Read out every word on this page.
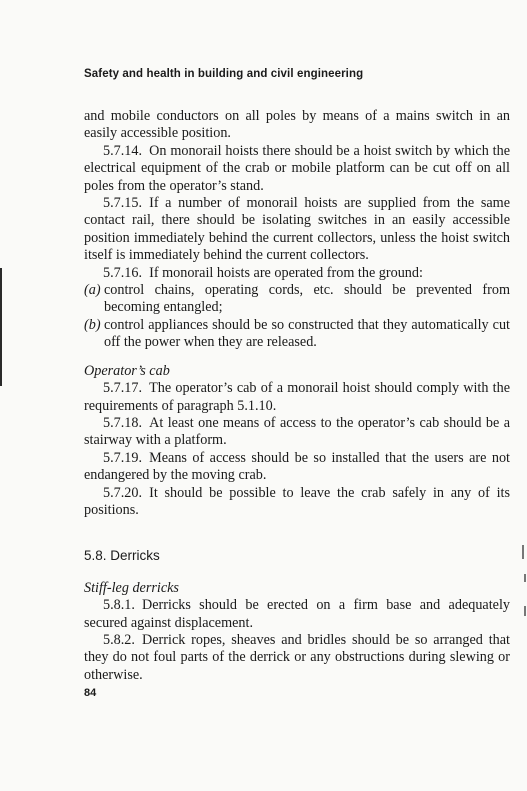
Safety and health in building and civil engineering

and mobile conductors on all poles by means of a mains switch in an easily accessible position.

5.7.14. On monorail hoists there should be a hoist switch by which the electrical equipment of the crab or mobile platform can be cut off on all poles from the operator’s stand.

5.7.15. If a number of monorail hoists are supplied from the same contact rail, there should be isolating switches in an easily accessible position immediately behind the current collectors, unless the hoist switch itself is immediately behind the current collectors.

5.7.16. If monorail hoists are operated from the ground:

(a) control chains, operating cords, etc. should be prevented from becoming entangled;

(b) control appliances should be so constructed that they automatically cut off the power when they are released.

Operator’s cab

5.7.17. The operator’s cab of a monorail hoist should comply with the requirements of paragraph 5.1.10.

5.7.18. At least one means of access to the operator’s cab should be a stairway with a platform.

5.7.19. Means of access should be so installed that the users are not endangered by the moving crab.

5.7.20. It should be possible to leave the crab safely in any of its positions.

5.8. Derricks

Stiff-leg derricks

5.8.1. Derricks should be erected on a firm base and adequately secured against displacement.

5.8.2. Derrick ropes, sheaves and bridles should be so arranged that they do not foul parts of the derrick or any obstructions during slewing or otherwise.

84
